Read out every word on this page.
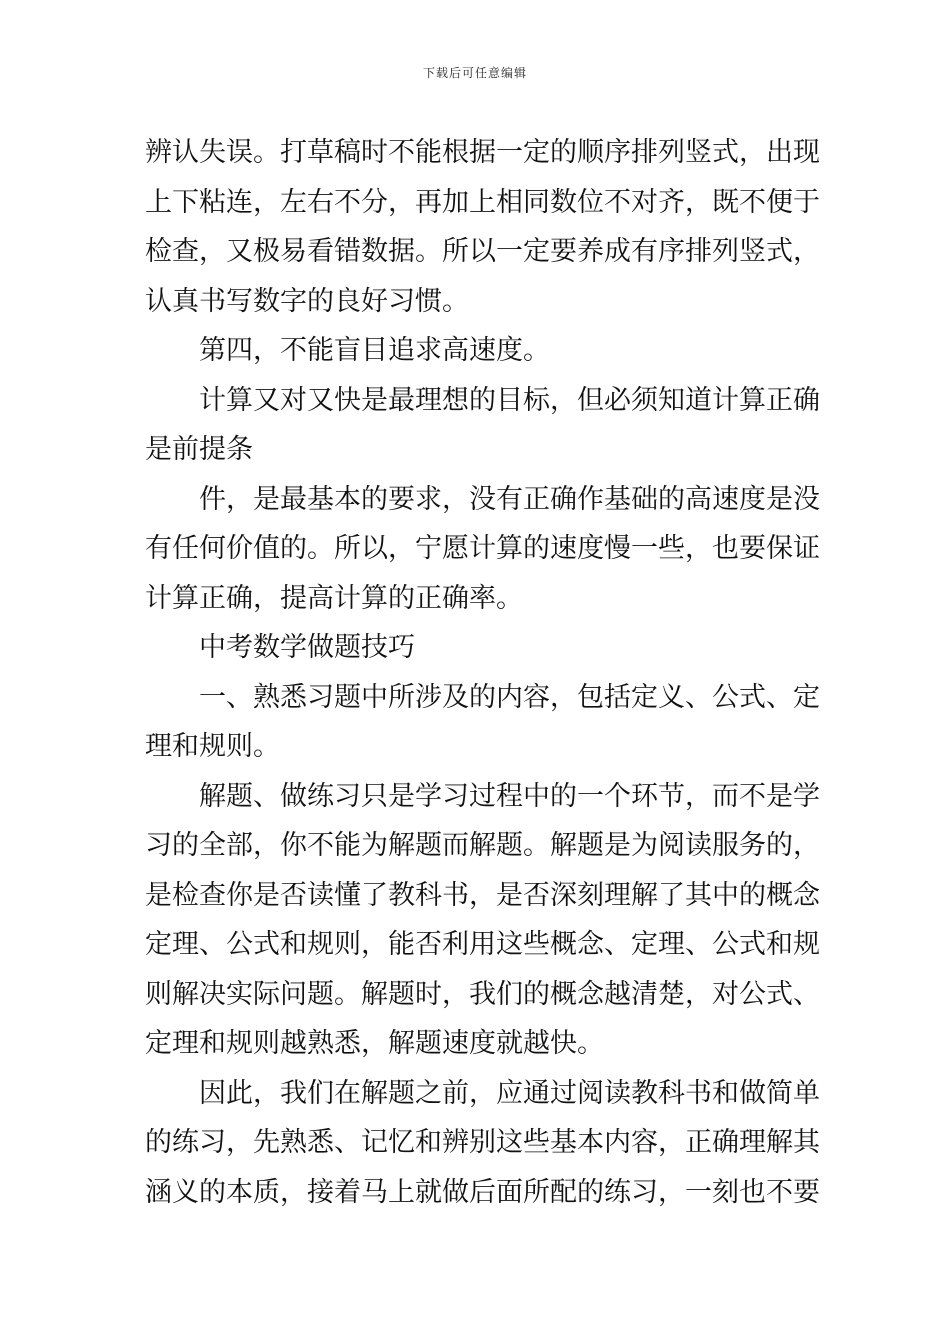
下载后可任意编辑
辨认失误。打草稿时不能根据一定的顺序排列竖式，出现
上下粘连，左右不分，再加上相同数位不对齐，既不便于
检查，又极易看错数据。所以一定要养成有序排列竖式，
认真书写数字的良好习惯。
第四，不能盲目追求高速度。
计算又对又快是最理想的目标，但必须知道计算正确
是前提条
件，是最基本的要求，没有正确作基础的高速度是没
有任何价值的。所以，宁愿计算的速度慢一些，也要保证
计算正确，提高计算的正确率。
中考数学做题技巧
一、熟悉习题中所涉及的内容，包括定义、公式、定
理和规则。
解题、做练习只是学习过程中的一个环节，而不是学
习的全部，你不能为解题而解题。解题是为阅读服务的，
是检查你是否读懂了教科书，是否深刻理解了其中的概念
定理、公式和规则，能否利用这些概念、定理、公式和规
则解决实际问题。解题时，我们的概念越清楚，对公式、
定理和规则越熟悉，解题速度就越快。
因此，我们在解题之前，应通过阅读教科书和做简单
的练习，先熟悉、记忆和辨别这些基本内容，正确理解其
涵义的本质，接着马上就做后面所配的练习，一刻也不要
